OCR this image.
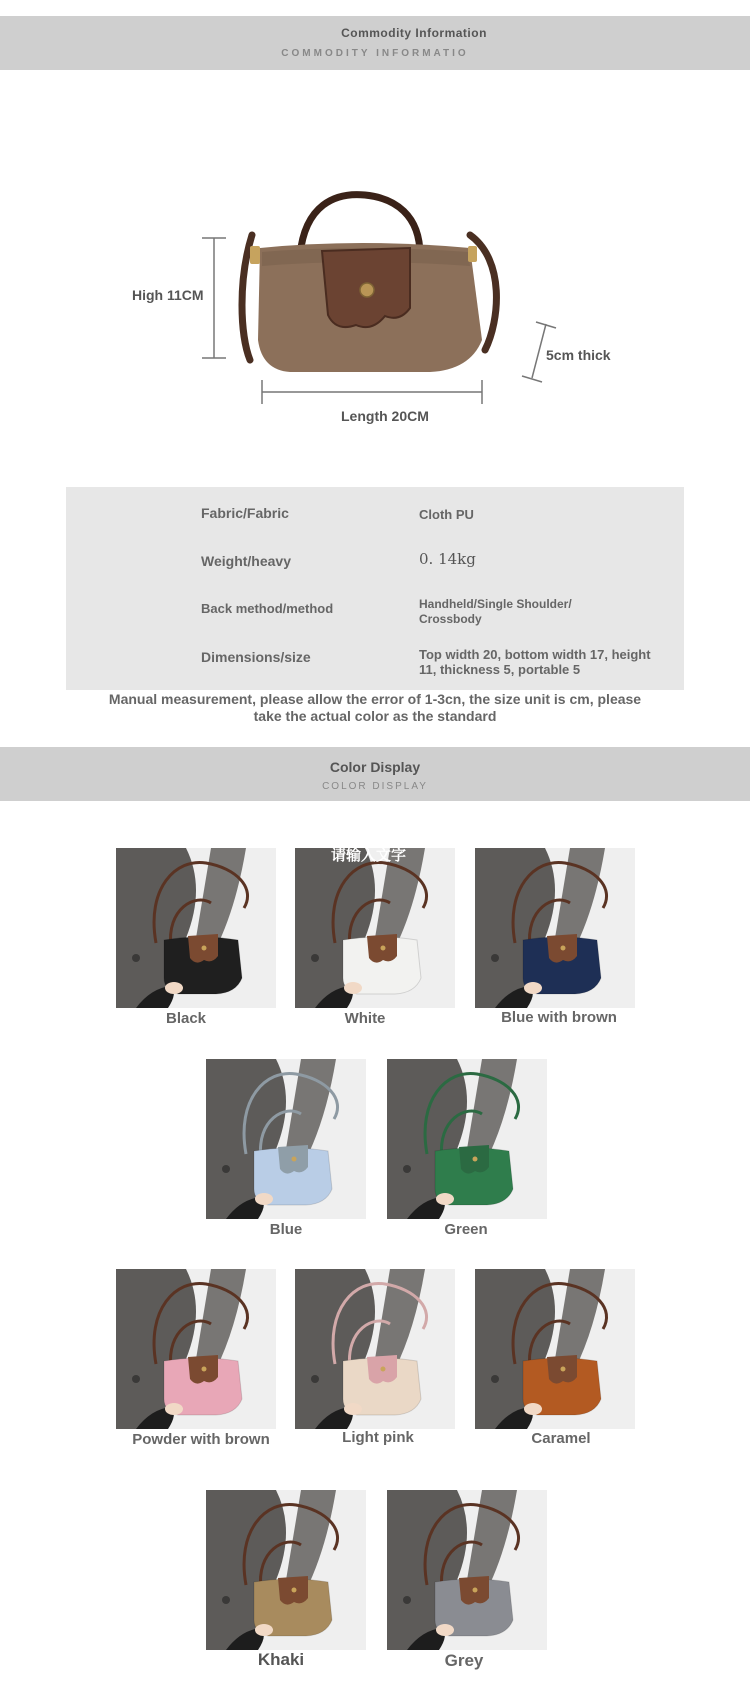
Commodity Information
COMMODITY INFORMATIO
High 11CM
5cm thick
Length 20CM
Fabric/Fabric	Cloth PU
Weight/heavy	0. 14kg
Back method/method	Handheld/Single Shoulder/
Crossbody
Dimensions/size	Top width 20, bottom width 17, height
11, thickness 5, portable 5
Manual measurement, please allow the error of 1-3cn, the size unit is cm, please
take the actual color as the standard
Color Display
COLOR DISPLAY
Black
请输入文字
White	Blue with brown
Blue	Green
Powder with brown	Light pink	Caramel
Khaki	Grey
